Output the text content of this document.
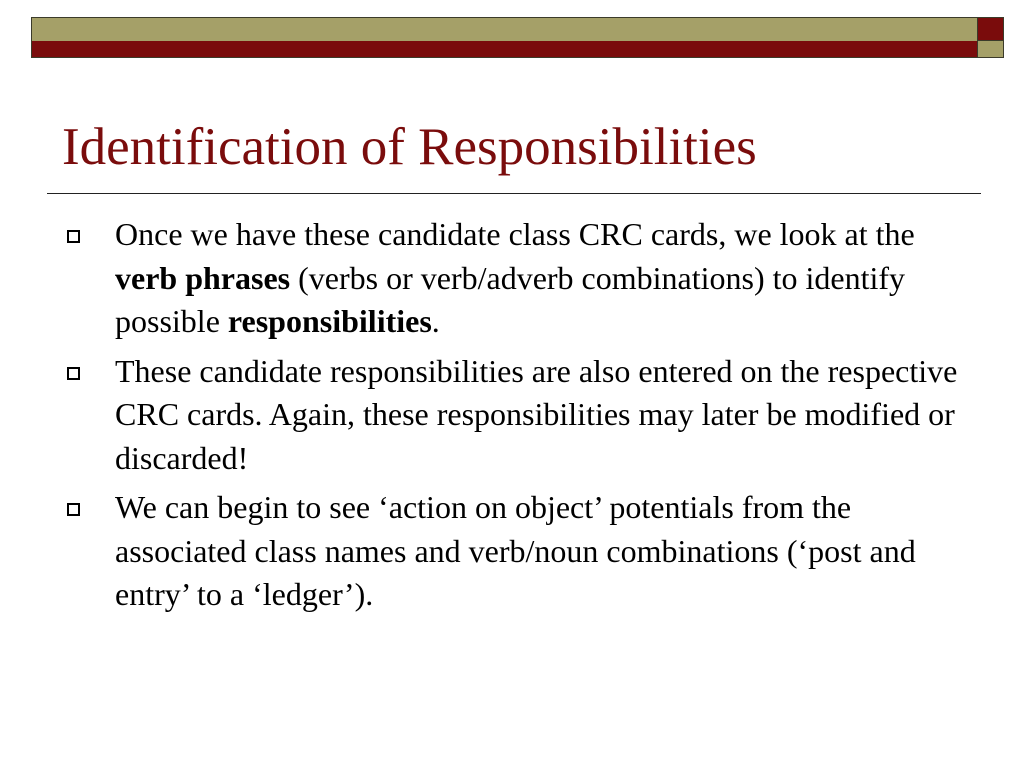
Identification of Responsibilities
Once we have these candidate class CRC cards, we look at the verb phrases (verbs or verb/adverb combinations) to identify possible responsibilities.
These candidate responsibilities are also entered on the respective CRC cards. Again, these responsibilities may later be modified or discarded!
We can begin to see ‘action on object’ potentials from the associated class names and verb/noun combinations (‘post and entry’ to a ‘ledger’).
